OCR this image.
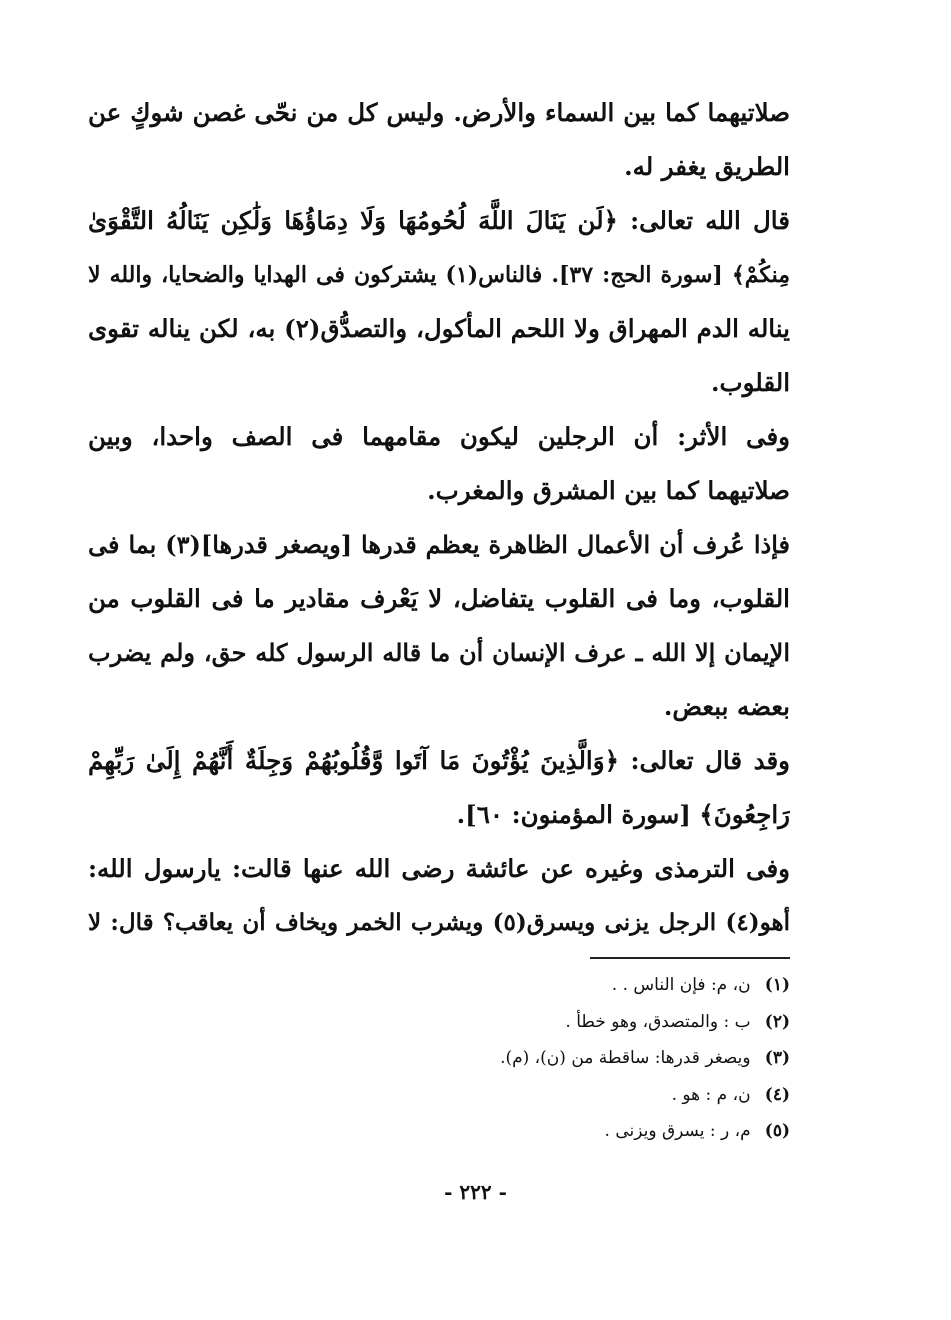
صلاتيهما كما بين السماء والأرض. وليس كل من نحّى غصن شوكٍ عن
الطريق يغفر له.
قال الله تعالى: ﴿لَن يَنَالَ اللَّهَ لُحُومُهَا وَلَا دِمَاؤُهَا وَلَٰكِن يَنَالُهُ التَّقْوَىٰ
مِنكُمْ﴾ [سورة الحج: ٣٧]. فالناس(١) يشتركون فى الهدايا والضحايا، والله لا
يناله الدم المهراق ولا اللحم المأكول، والتصدُّق(٢) به، لكن يناله تقوى
القلوب.
وفى الأثر: أن الرجلين ليكون مقامهما فى الصف واحدا، وبين
صلاتيهما كما بين المشرق والمغرب.
فإذا عُرف أن الأعمال الظاهرة يعظم قدرها [ويصغر قدرها](٣) بما فى
القلوب، وما فى القلوب يتفاضل، لا يَعْرف مقادير ما فى القلوب من
الإيمان إلا الله ـ عرف الإنسان أن ما قاله الرسول كله حق، ولم يضرب
بعضه ببعض.
وقد قال تعالى: ﴿وَالَّذِينَ يُؤْتُونَ مَا آتَوا وَّقُلُوبُهُمْ وَجِلَةٌ أَنَّهُمْ إِلَىٰ رَبِّهِمْ
رَاجِعُونَ﴾ [سورة المؤمنون: ٦٠].
وفى الترمذى وغيره عن عائشة رضى الله عنها قالت: يارسول الله:
أهو(٤) الرجل يزنى ويسرق(٥) ويشرب الخمر ويخاف أن يعاقب؟ قال: لا
(١) ن، م: فإن الناس . .
(٢) ب : والمتصدق، وهو خطأ .
(٣) ويصغر قدرها: ساقطة من (ن)، (م).
(٤) ن، م : هو .
(٥) م، ر : يسرق ويزنى .
- ٢٢٢ -
